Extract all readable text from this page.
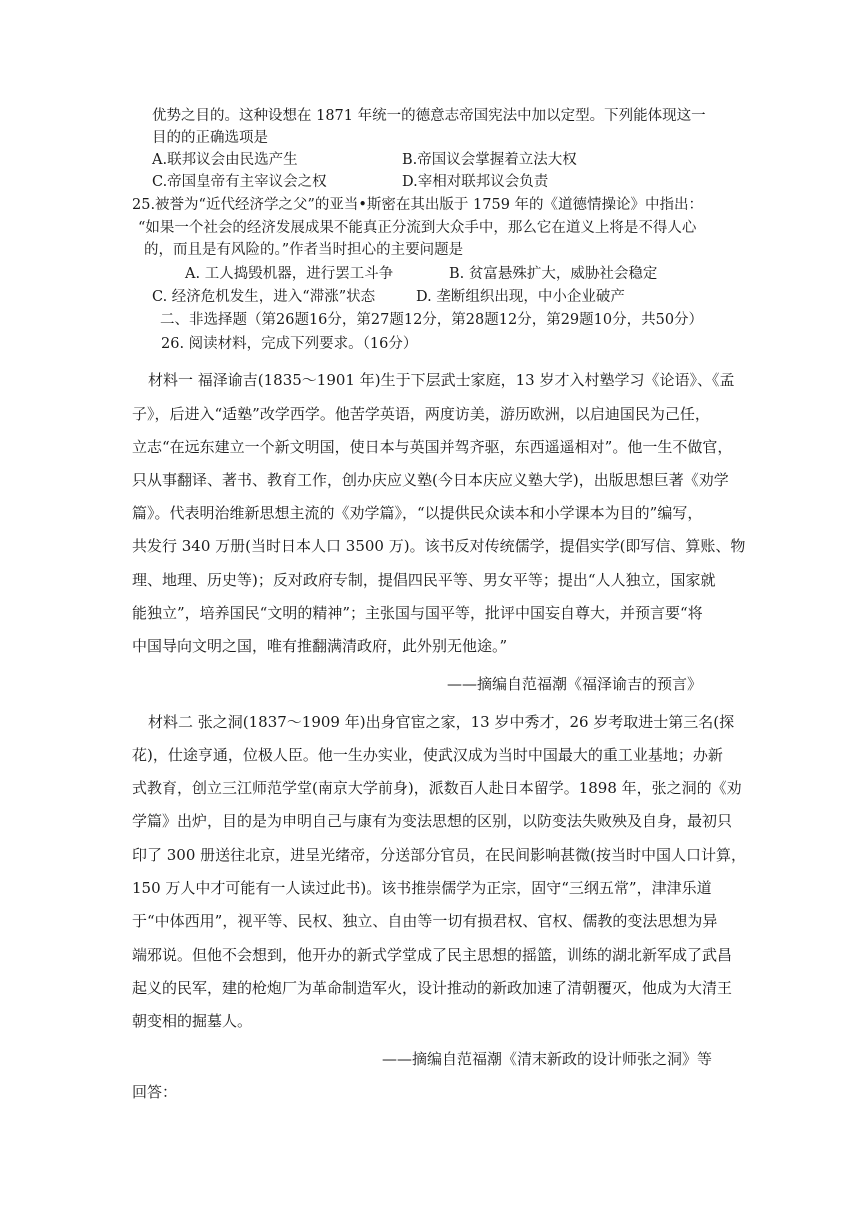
优势之目的。这种设想在 1871 年统一的德意志帝国宪法中加以定型。下列能体现这一
目的的正确选项是
A.联邦议会由民选产生	B.帝国议会掌握着立法大权
C.帝国皇帝有主宰议会之权	D.宰相对联邦议会负责
25.被誉为“近代经济学之父”的亚当•斯密在其出版于 1759 年的《道德情操论》中指出：
“如果一个社会的经济发展成果不能真正分流到大众手中，那么它在道义上将是不得人心
的，而且是有风险的。”作者当时担心的主要问题是
A. 工人捣毁机器，进行罢工斗争	B. 贫富悬殊扩大，威胁社会稳定
C. 经济危机发生，进入“滞涨”状态	D. 垄断组织出现，中小企业破产
二、非选择题（第26题16分，第27题12分，第28题12分，第29题10分，共50分）
26. 阅读材料，完成下列要求。（16分）
材料一 福泽谕吉(1835～1901 年)生于下层武士家庭，13 岁才入村塾学习《论语》、《孟
子》，后进入“适塾”改学西学。他苦学英语，两度访美，游历欧洲，以启迪国民为己任，
立志“在远东建立一个新文明国，使日本与英国并驾齐驱，东西遥遥相对”。他一生不做官，
只从事翻译、著书、教育工作，创办庆应义塾(今日本庆应义塾大学)，出版思想巨著《劝学
篇》。代表明治维新思想主流的《劝学篇》，“以提供民众读本和小学课本为目的”编写，
共发行 340 万册(当时日本人口 3500 万)。该书反对传统儒学，提倡实学(即写信、算账、物
理、地理、历史等)；反对政府专制，提倡四民平等、男女平等；提出“人人独立，国家就
能独立”，培养国民“文明的精神”；主张国与国平等，批评中国妄自尊大，并预言要“将
中国导向文明之国，唯有推翻满清政府，此外别无他途。”
——摘编自范福潮《福泽谕吉的预言》
材料二 张之洞(1837～1909 年)出身官宦之家，13 岁中秀才，26 岁考取进士第三名(探
花)，仕途亨通，位极人臣。他一生办实业，使武汉成为当时中国最大的重工业基地；办新
式教育，创立三江师范学堂(南京大学前身)，派数百人赴日本留学。1898 年，张之洞的《劝
学篇》出炉，目的是为申明自己与康有为变法思想的区别，以防变法失败殃及自身，最初只
印了 300 册送往北京，进呈光绪帝，分送部分官员，在民间影响甚微(按当时中国人口计算，
150 万人中才可能有一人读过此书)。该书推崇儒学为正宗，固守“三纲五常”，津津乐道
于“中体西用”，视平等、民权、独立、自由等一切有损君权、官权、儒教的变法思想为异
端邪说。但他不会想到，他开办的新式学堂成了民主思想的摇篮，训练的湖北新军成了武昌
起义的民军，建的枪炮厂为革命制造军火，设计推动的新政加速了清朝覆灭，他成为大清王
朝变相的掘墓人。
——摘编自范福潮《清末新政的设计师张之洞》等
回答：
